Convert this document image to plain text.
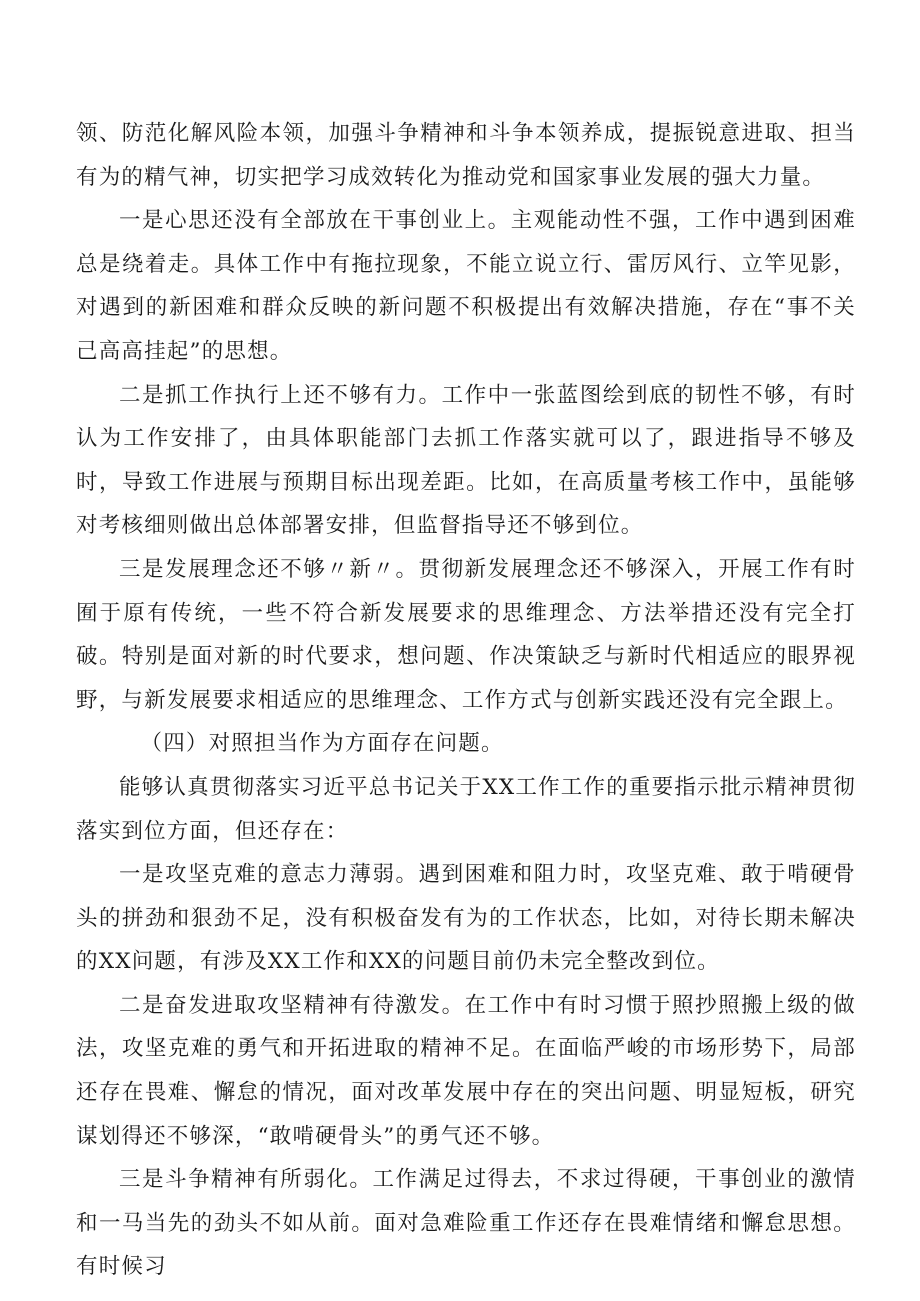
领、防范化解风险本领，加强斗争精神和斗争本领养成，提振锐意进取、担当有为的精气神，切实把学习成效转化为推动党和国家事业发展的强大力量。

一是心思还没有全部放在干事创业上。主观能动性不强，工作中遇到困难总是绕着走。具体工作中有拖拉现象，不能立说立行、雷厉风行、立竿见影，对遇到的新困难和群众反映的新问题不积极提出有效解决措施，存在“事不关己高高挂起”的思想。

二是抓工作执行上还不够有力。工作中一张蓝图绘到底的韧性不够，有时认为工作安排了，由具体职能部门去抓工作落实就可以了，跟进指导不够及时，导致工作进展与预期目标出现差距。比如，在高质量考核工作中，虽能够对考核细则做出总体部署安排，但监督指导还不够到位。

三是发展理念还不够〃新〃。贯彻新发展理念还不够深入，开展工作有时囿于原有传统，一些不符合新发展要求的思维理念、方法举措还没有完全打破。特别是面对新的时代要求，想问题、作决策缺乏与新时代相适应的眼界视野，与新发展要求相适应的思维理念、工作方式与创新实践还没有完全跟上。

（四）对照担当作为方面存在问题。

能够认真贯彻落实习近平总书记关于XX工作工作的重要指示批示精神贯彻落实到位方面，但还存在：

一是攻坚克难的意志力薄弱。遇到困难和阻力时，攻坚克难、敢于啃硬骨头的拼劲和狠劲不足，没有积极奋发有为的工作状态，比如，对待长期未解决的XX问题，有涉及XX工作和XX的问题目前仍未完全整改到位。

二是奋发进取攻坚精神有待激发。在工作中有时习惯于照抄照搬上级的做法，攻坚克难的勇气和开拓进取的精神不足。在面临严峻的市场形势下，局部还存在畏难、懈怠的情况，面对改革发展中存在的突出问题、明显短板，研究谋划得还不够深，“敢啃硬骨头”的勇气还不够。

三是斗争精神有所弱化。工作满足过得去，不求过得硬，干事创业的激情和一马当先的劲头不如从前。面对急难险重工作还存在畏难情绪和懈怠思想。有时候习
